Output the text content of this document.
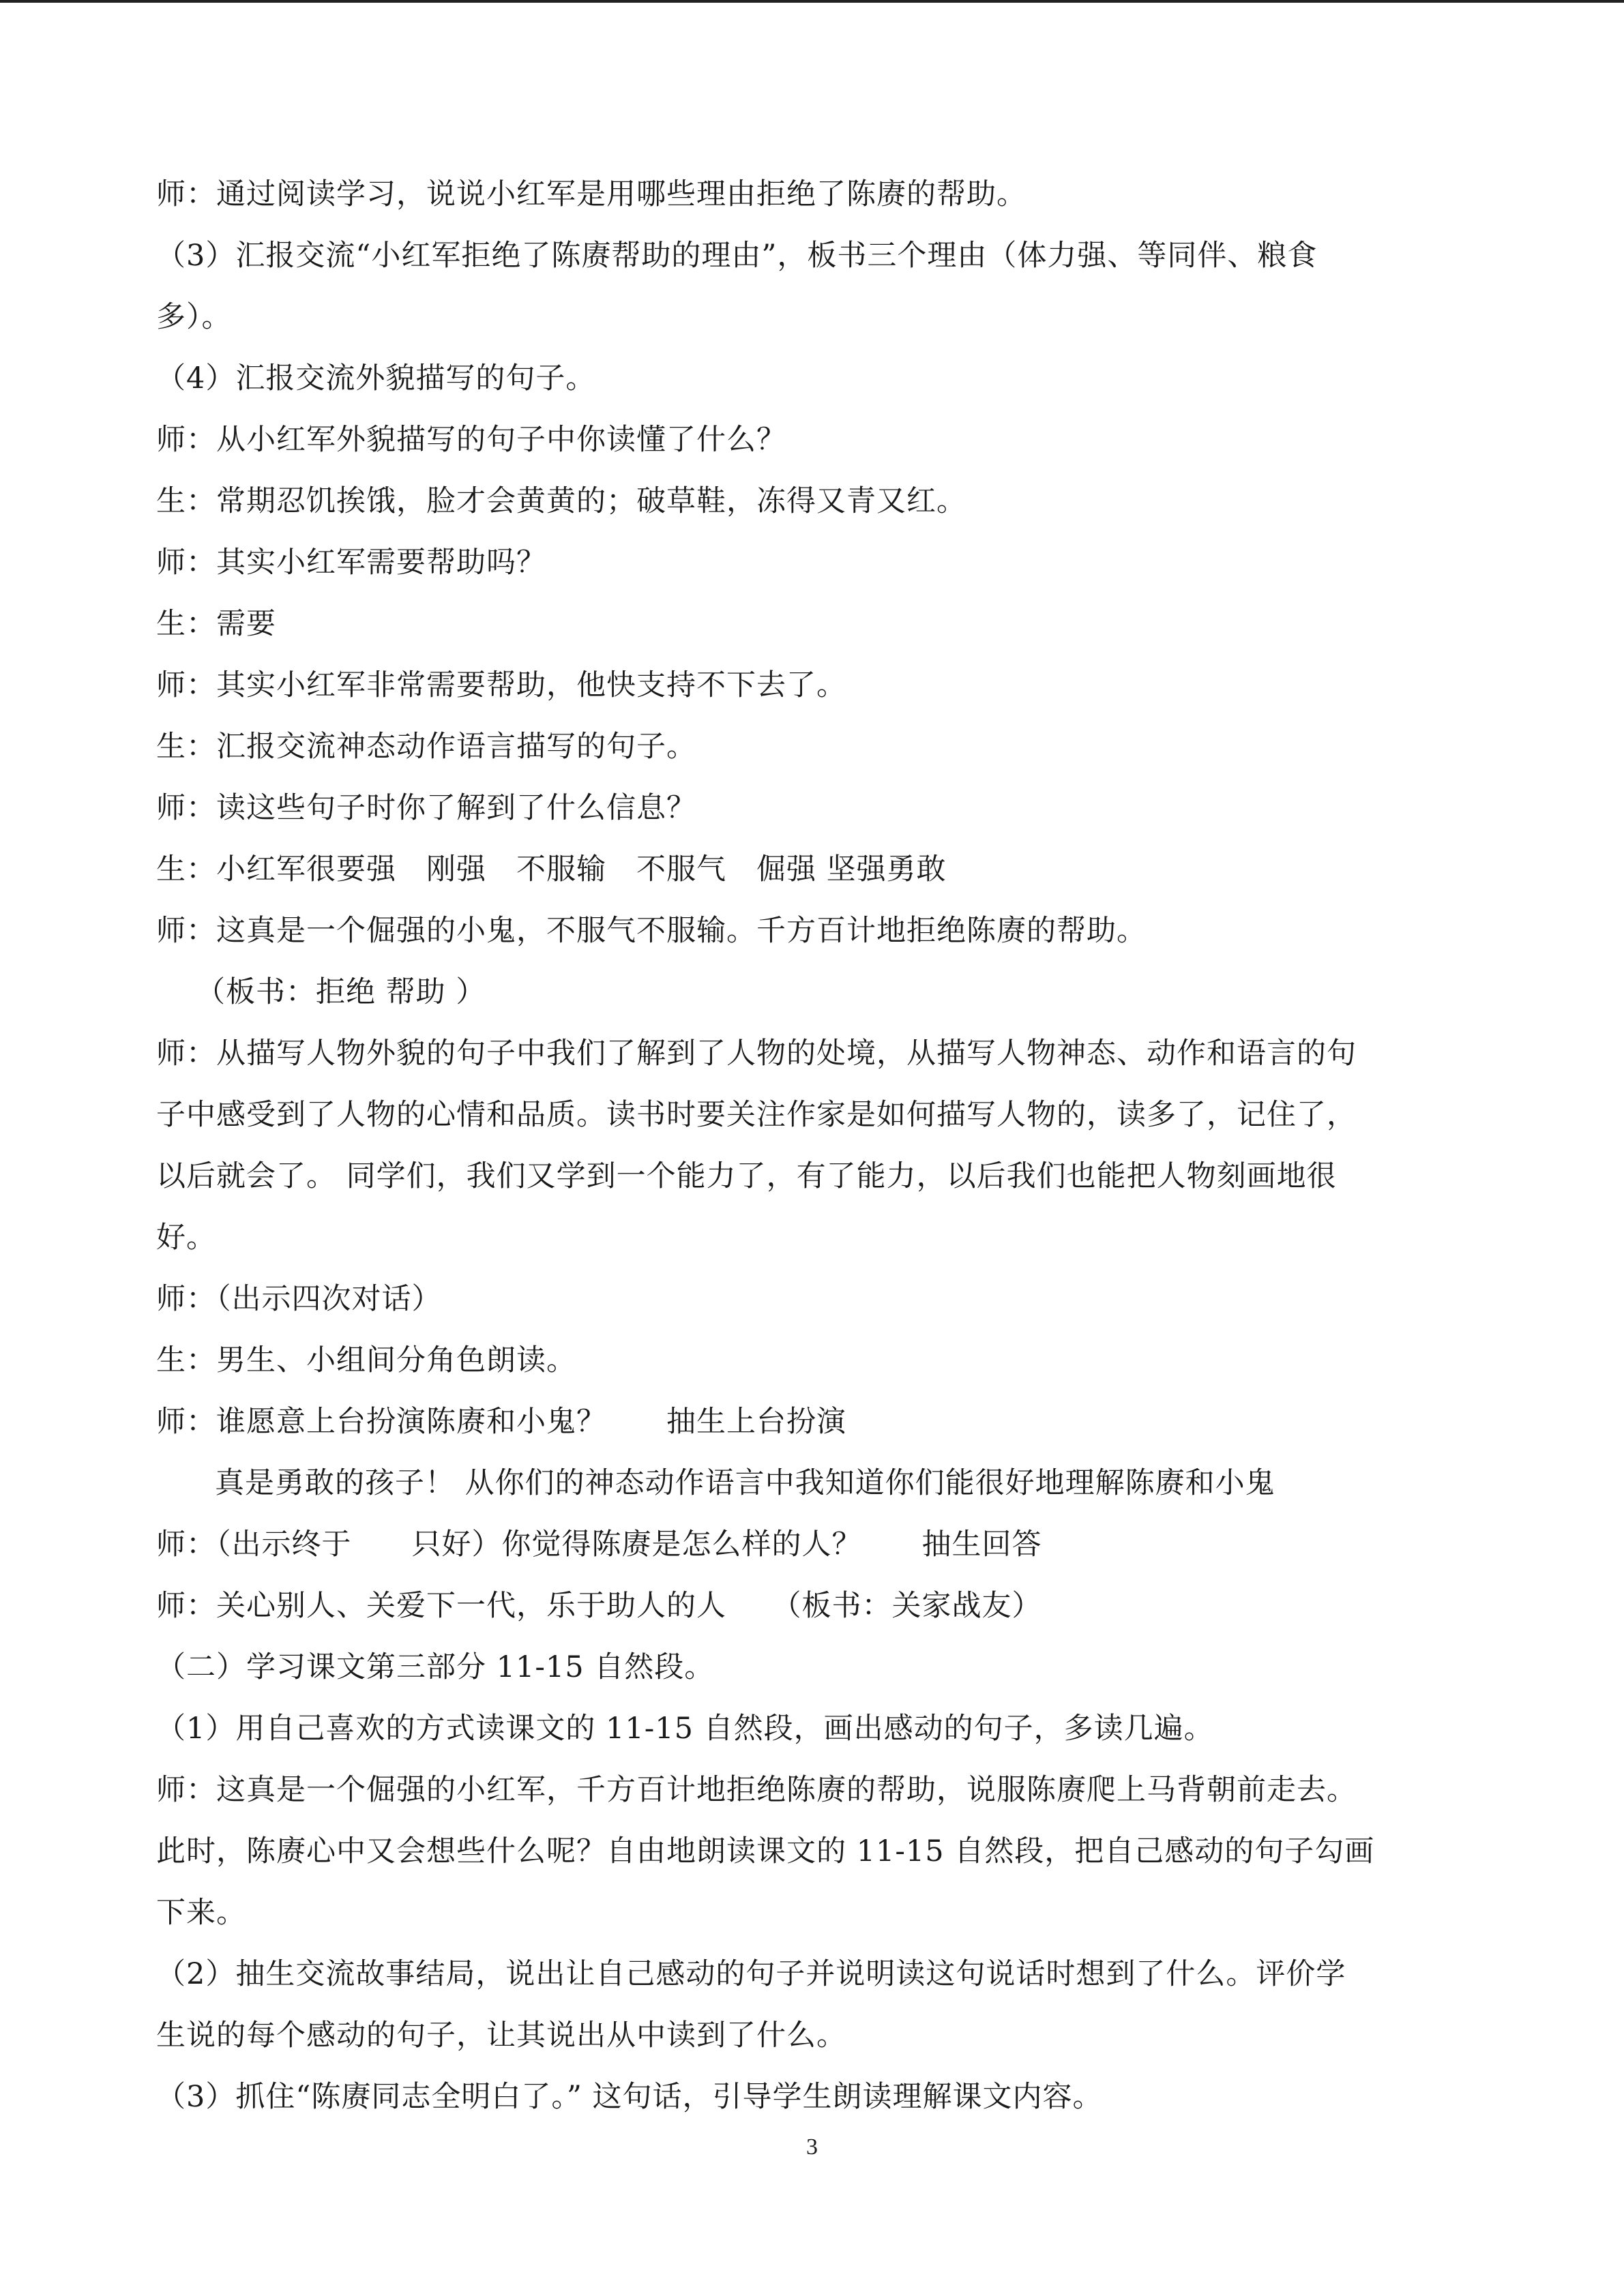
师：通过阅读学习，说说小红军是用哪些理由拒绝了陈赓的帮助。
（3）汇报交流“小红军拒绝了陈赓帮助的理由”，板书三个理由（体力强、等同伴、粮食
多）。
（4）汇报交流外貌描写的句子。
师：从小红军外貌描写的句子中你读懂了什么？
生：常期忍饥挨饿，脸才会黄黄的；破草鞋，冻得又青又红。
师：其实小红军需要帮助吗？
生：需要
师：其实小红军非常需要帮助，他快支持不下去了。
生：汇报交流神态动作语言描写的句子。
师：读这些句子时你了解到了什么信息？
生：小红军很要强　刚强　不服输　不服气　倔强 坚强勇敢
师：这真是一个倔强的小鬼，不服气不服输。千方百计地拒绝陈赓的帮助。
（板书：拒绝 帮助 ）
师：从描写人物外貌的句子中我们了解到了人物的处境，从描写人物神态、动作和语言的句
子中感受到了人物的心情和品质。读书时要关注作家是如何描写人物的，读多了，记住了，
以后就会了。 同学们，我们又学到一个能力了，有了能力，以后我们也能把人物刻画地很
好。
师：（出示四次对话）
生：男生、小组间分角色朗读。
师：谁愿意上台扮演陈赓和小鬼？　　抽生上台扮演
真是勇敢的孩子！ 从你们的神态动作语言中我知道你们能很好地理解陈赓和小鬼
师：（出示终于　　只好）你觉得陈赓是怎么样的人？　　抽生回答
师：关心别人、关爱下一代，乐于助人的人　　（板书：关家战友）
（二）学习课文第三部分 11-15 自然段。
（1）用自己喜欢的方式读课文的 11-15 自然段，画出感动的句子，多读几遍。
师：这真是一个倔强的小红军，千方百计地拒绝陈赓的帮助，说服陈赓爬上马背朝前走去。
此时，陈赓心中又会想些什么呢？自由地朗读课文的 11-15 自然段，把自己感动的句子勾画
下来。
（2）抽生交流故事结局，说出让自己感动的句子并说明读这句说话时想到了什么。评价学
生说的每个感动的句子，让其说出从中读到了什么。
（3）抓住“陈赓同志全明白了。” 这句话，引导学生朗读理解课文内容。
3
